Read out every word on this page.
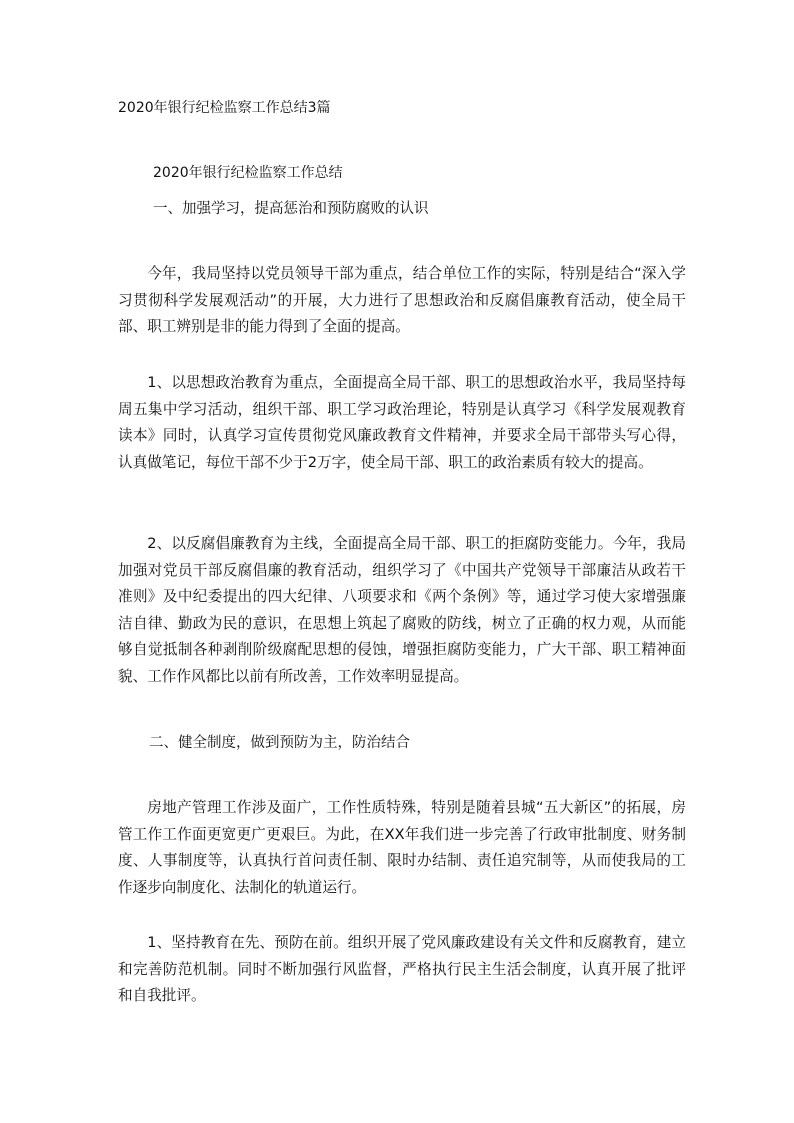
2020年银行纪检监察工作总结3篇
2020年银行纪检监察工作总结
一、加强学习，提高惩治和预防腐败的认识

今年，我局坚持以党员领导干部为重点，结合单位工作的实际，特别是结合“深入学习贯彻科学发展观活动”的开展，大力进行了思想政治和反腐倡廉教育活动，使全局干部、职工辨别是非的能力得到了全面的提高。

1、以思想政治教育为重点，全面提高全局干部、职工的思想政治水平，我局坚持每周五集中学习活动，组织干部、职工学习政治理论，特别是认真学习《科学发展观教育读本》同时，认真学习宣传贯彻党风廉政教育文件精神，并要求全局干部带头写心得，认真做笔记，每位干部不少于2万字，使全局干部、职工的政治素质有较大的提高。

2、以反腐倡廉教育为主线，全面提高全局干部、职工的拒腐防变能力。今年，我局加强对党员干部反腐倡廉的教育活动，组织学习了《中国共产党领导干部廉洁从政若干准则》及中纪委提出的四大纪律、八项要求和《两个条例》等，通过学习使大家增强廉洁自律、勤政为民的意识，在思想上筑起了腐败的防线，树立了正确的权力观，从而能够自觉抵制各种剥削阶级腐配思想的侵蚀，增强拒腐防变能力，广大干部、职工精神面貌、工作作风都比以前有所改善，工作效率明显提高。

二、健全制度，做到预防为主，防治结合

房地产管理工作涉及面广，工作性质特殊，特别是随着县城“五大新区”的拓展，房管工作工作面更宽更广更艰巨。为此，在XX年我们进一步完善了行政审批制度、财务制度、人事制度等，认真执行首问责任制、限时办结制、责任追究制等，从而使我局的工作逐步向制度化、法制化的轨道运行。

1、坚持教育在先、预防在前。组织开展了党风廉政建设有关文件和反腐教育，建立和完善防范机制。同时不断加强行风监督，严格执行民主生活会制度，认真开展了批评和自我批评。
